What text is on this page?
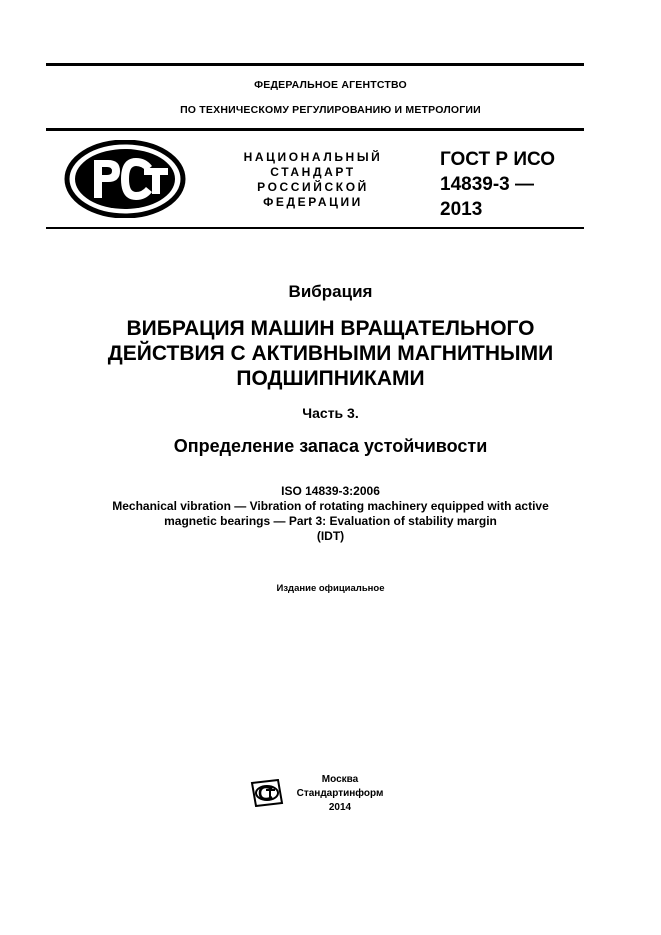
ФЕДЕРАЛЬНОЕ АГЕНТСТВО
ПО ТЕХНИЧЕСКОМУ РЕГУЛИРОВАНИЮ И МЕТРОЛОГИИ
НАЦИОНАЛЬНЫЙ
СТАНДАРТ
РОССИЙСКОЙ
ФЕДЕРАЦИИ
ГОСТ Р ИСО
14839-3 —
2013
Вибрация
ВИБРАЦИЯ МАШИН ВРАЩАТЕЛЬНОГО
ДЕЙСТВИЯ С АКТИВНЫМИ МАГНИТНЫМИ
ПОДШИПНИКАМИ
Часть 3.
Определение запаса устойчивости
ISO 14839-3:2006
Mechanical vibration — Vibration of rotating machinery equipped with active
magnetic bearings — Part 3: Evaluation of stability margin
(IDT)
Издание официальное
Москва
Стандартинформ
2014
